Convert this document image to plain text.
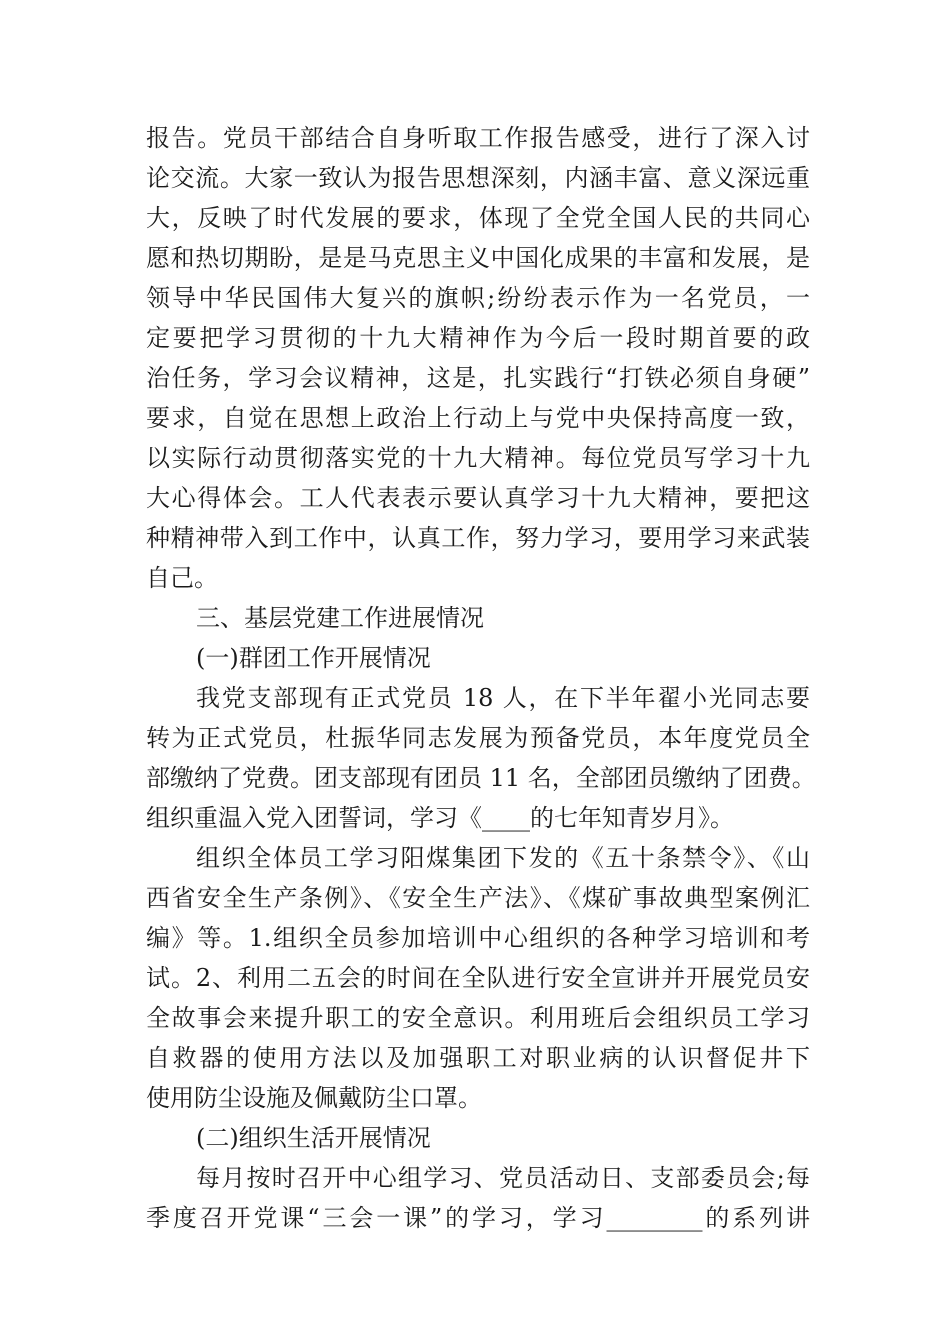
报告。党员干部结合自身听取工作报告感受，进行了深入讨
论交流。大家一致认为报告思想深刻，内涵丰富、意义深远重
大，反映了时代发展的要求，体现了全党全国人民的共同心
愿和热切期盼，是是马克思主义中国化成果的丰富和发展，是
领导中华民国伟大复兴的旗帜;纷纷表示作为一名党员，一
定要把学习贯彻的十九大精神作为今后一段时期首要的政
治任务，学习会议精神，这是，扎实践行“打铁必须自身硬”
要求，自觉在思想上政治上行动上与党中央保持高度一致，
以实际行动贯彻落实党的十九大精神。每位党员写学习十九
大心得体会。工人代表表示要认真学习十九大精神，要把这
种精神带入到工作中，认真工作，努力学习，要用学习来武装
自己。
三、基层党建工作进展情况
(一)群团工作开展情况
我党支部现有正式党员 18 人，在下半年翟小光同志要
转为正式党员，杜振华同志发展为预备党员，本年度党员全
部缴纳了党费。团支部现有团员 11 名，全部团员缴纳了团费。
组织重温入党入团誓词，学习《____的七年知青岁月》。
组织全体员工学习阳煤集团下发的《五十条禁令》、《山
西省安全生产条例》、《安全生产法》、《煤矿事故典型案例汇
编》等。1.组织全员参加培训中心组织的各种学习培训和考
试。2、利用二五会的时间在全队进行安全宣讲并开展党员安
全故事会来提升职工的安全意识。利用班后会组织员工学习
自救器的使用方法以及加强职工对职业病的认识督促井下
使用防尘设施及佩戴防尘口罩。
(二)组织生活开展情况
每月按时召开中心组学习、党员活动日、支部委员会;每
季度召开党课“三会一课”的学习，学习________的系列讲
